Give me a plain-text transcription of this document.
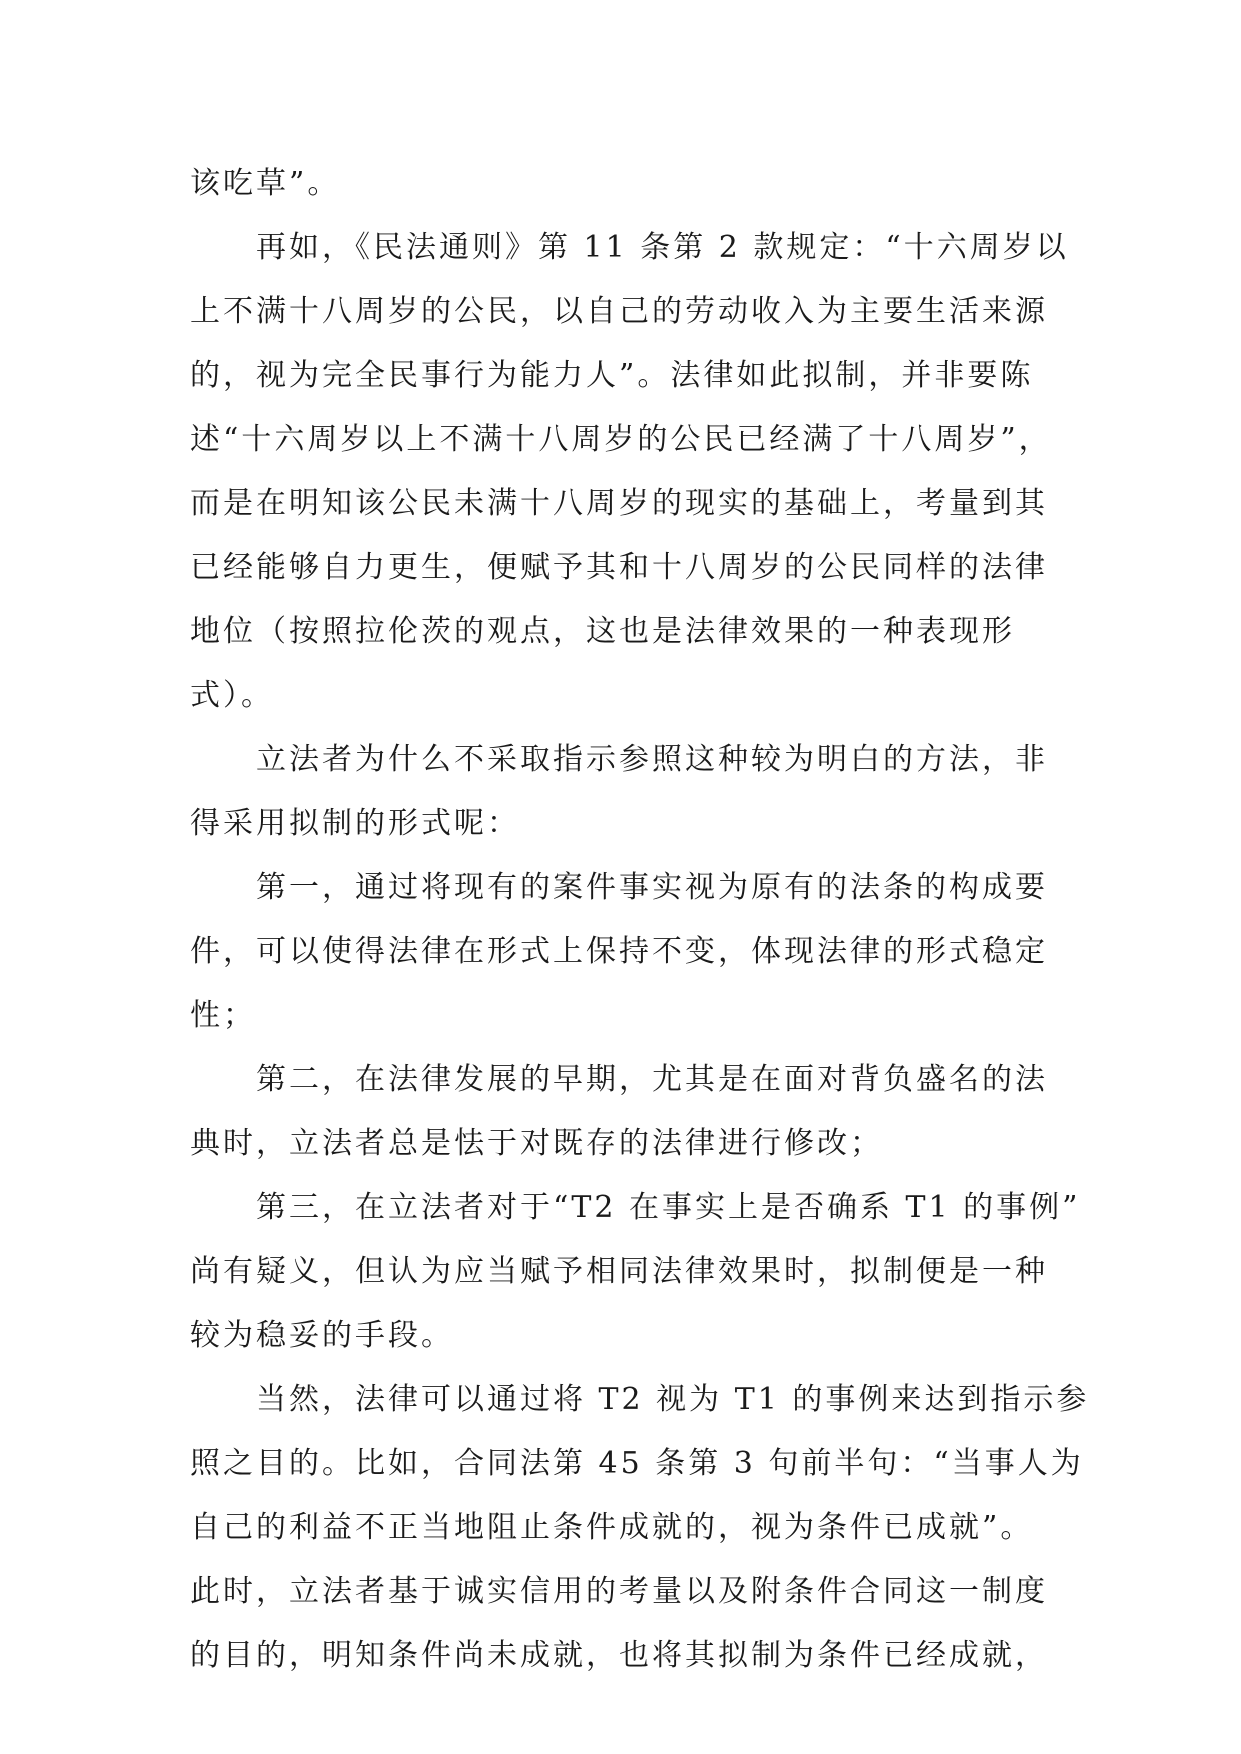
该吃草”。
再如，《民法通则》第 11 条第 2 款规定：“十六周岁以
上不满十八周岁的公民，以自己的劳动收入为主要生活来源
的，视为完全民事行为能力人”。法律如此拟制，并非要陈
述“十六周岁以上不满十八周岁的公民已经满了十八周岁”，
而是在明知该公民未满十八周岁的现实的基础上，考量到其
已经能够自力更生，便赋予其和十八周岁的公民同样的法律
地位（按照拉伦茨的观点，这也是法律效果的一种表现形
式）。
立法者为什么不采取指示参照这种较为明白的方法，非
得采用拟制的形式呢：
第一，通过将现有的案件事实视为原有的法条的构成要
件，可以使得法律在形式上保持不变，体现法律的形式稳定
性；
第二，在法律发展的早期，尤其是在面对背负盛名的法
典时，立法者总是怯于对既存的法律进行修改；
第三，在立法者对于“T2 在事实上是否确系 T1 的事例”
尚有疑义，但认为应当赋予相同法律效果时，拟制便是一种
较为稳妥的手段。
当然，法律可以通过将 T2 视为 T1 的事例来达到指示参
照之目的。比如，合同法第 45 条第 3 句前半句：“当事人为
自己的利益不正当地阻止条件成就的，视为条件已成就”。
此时，立法者基于诚实信用的考量以及附条件合同这一制度
的目的，明知条件尚未成就，也将其拟制为条件已经成就，
